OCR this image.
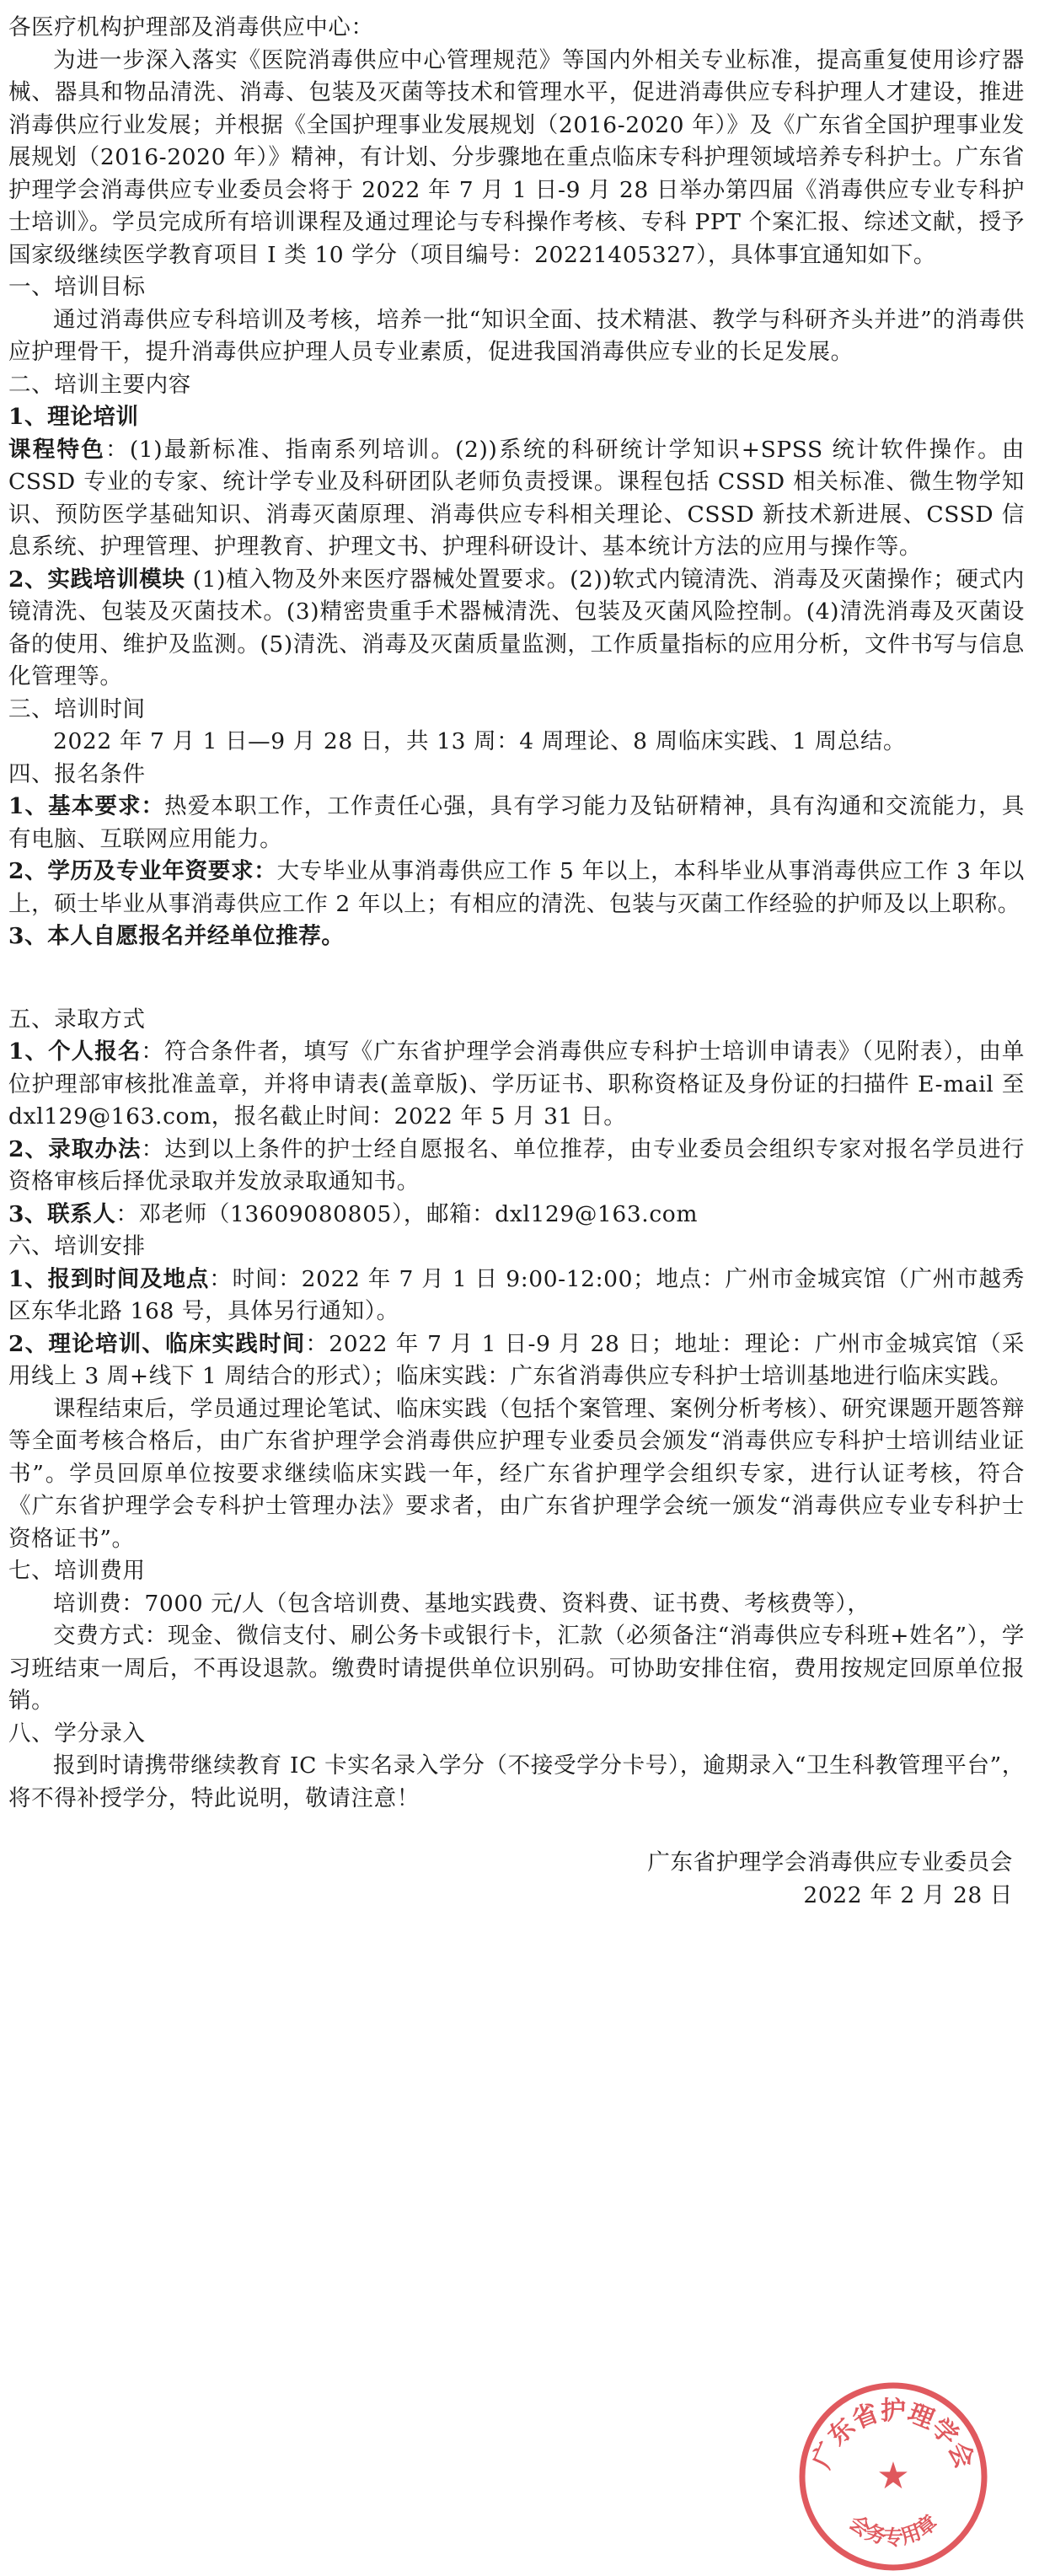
各医疗机构护理部及消毒供应中心：

为进一步深入落实《医院消毒供应中心管理规范》等国内外相关专业标准，提高重复使用诊疗器械、器具和物品清洗、消毒、包装及灭菌等技术和管理水平，促进消毒供应专科护理人才建设，推进消毒供应行业发展；并根据《全国护理事业发展规划（2016-2020 年）》及《广东省全国护理事业发展规划（2016-2020 年）》精神，有计划、分步骤地在重点临床专科护理领域培养专科护士。广东省护理学会消毒供应专业委员会将于 2022 年 7 月 1 日-9 月 28 日举办第四届《消毒供应专业专科护士培训》。学员完成所有培训课程及通过理论与专科操作考核、专科 PPT 个案汇报、综述文献，授予国家级继续医学教育项目 I 类 10 学分（项目编号：20221405327），具体事宜通知如下。

一、培训目标

通过消毒供应专科培训及考核，培养一批“知识全面、技术精湛、教学与科研齐头并进”的消毒供应护理骨干，提升消毒供应护理人员专业素质，促进我国消毒供应专业的长足发展。

二、培训主要内容

1、理论培训

课程特色：(1)最新标准、指南系列培训。(2))系统的科研统计学知识+SPSS 统计软件操作。由 CSSD 专业的专家、统计学专业及科研团队老师负责授课。课程包括 CSSD 相关标准、微生物学知识、预防医学基础知识、消毒灭菌原理、消毒供应专科相关理论、CSSD 新技术新进展、CSSD 信息系统、护理管理、护理教育、护理文书、护理科研设计、基本统计方法的应用与操作等。

2、实践培训模块 (1)植入物及外来医疗器械处置要求。(2))软式内镜清洗、消毒及灭菌操作；硬式内镜清洗、包装及灭菌技术。(3)精密贵重手术器械清洗、包装及灭菌风险控制。(4)清洗消毒及灭菌设备的使用、维护及监测。(5)清洗、消毒及灭菌质量监测，工作质量指标的应用分析，文件书写与信息化管理等。

三、培训时间

2022 年 7 月 1 日—9 月 28 日，共 13 周：4 周理论、8 周临床实践、1 周总结。

四、报名条件

1、基本要求：热爱本职工作，工作责任心强，具有学习能力及钻研精神，具有沟通和交流能力，具有电脑、互联网应用能力。

2、学历及专业年资要求：大专毕业从事消毒供应工作 5 年以上，本科毕业从事消毒供应工作 3 年以上，硕士毕业从事消毒供应工作 2 年以上；有相应的清洗、包装与灭菌工作经验的护师及以上职称。

3、本人自愿报名并经单位推荐。

五、录取方式

1、个人报名：符合条件者，填写《广东省护理学会消毒供应专科护士培训申请表》（见附表），由单位护理部审核批准盖章，并将申请表(盖章版)、学历证书、职称资格证及身份证的扫描件 E-mail 至 dxl129@163.com，报名截止时间：2022 年 5 月 31 日。

2、录取办法：达到以上条件的护士经自愿报名、单位推荐，由专业委员会组织专家对报名学员进行资格审核后择优录取并发放录取通知书。

3、联系人：邓老师（13609080805），邮箱：dxl129@163.com

六、培训安排

1、报到时间及地点：时间：2022 年 7 月 1 日 9:00-12:00；地点：广州市金城宾馆（广州市越秀区东华北路 168 号，具体另行通知）。

2、理论培训、临床实践时间：2022 年 7 月 1 日-9 月 28 日；地址：理论：广州市金城宾馆（采用线上 3 周+线下 1 周结合的形式）；临床实践：广东省消毒供应专科护士培训基地进行临床实践。

课程结束后，学员通过理论笔试、临床实践（包括个案管理、案例分析考核）、研究课题开题答辩等全面考核合格后，由广东省护理学会消毒供应护理专业委员会颁发“消毒供应专科护士培训结业证书”。学员回原单位按要求继续临床实践一年，经广东省护理学会组织专家，进行认证考核，符合《广东省护理学会专科护士管理办法》要求者，由广东省护理学会统一颁发“消毒供应专业专科护士资格证书”。

七、培训费用

培训费：7000 元/人（包含培训费、基地实践费、资料费、证书费、考核费等），

交费方式：现金、微信支付、刷公务卡或银行卡，汇款（必须备注“消毒供应专科班+姓名”），学习班结束一周后，不再设退款。缴费时请提供单位识别码。可协助安排住宿，费用按规定回原单位报销。

八、学分录入

报到时请携带继续教育 IC 卡实名录入学分（不接受学分卡号），逾期录入“卫生科教管理平台”，将不得补授学分，特此说明，敬请注意！

广东省护理学会消毒供应专业委员会

2022 年 2 月 28 日

广东省护理学会
★
会务专用章
